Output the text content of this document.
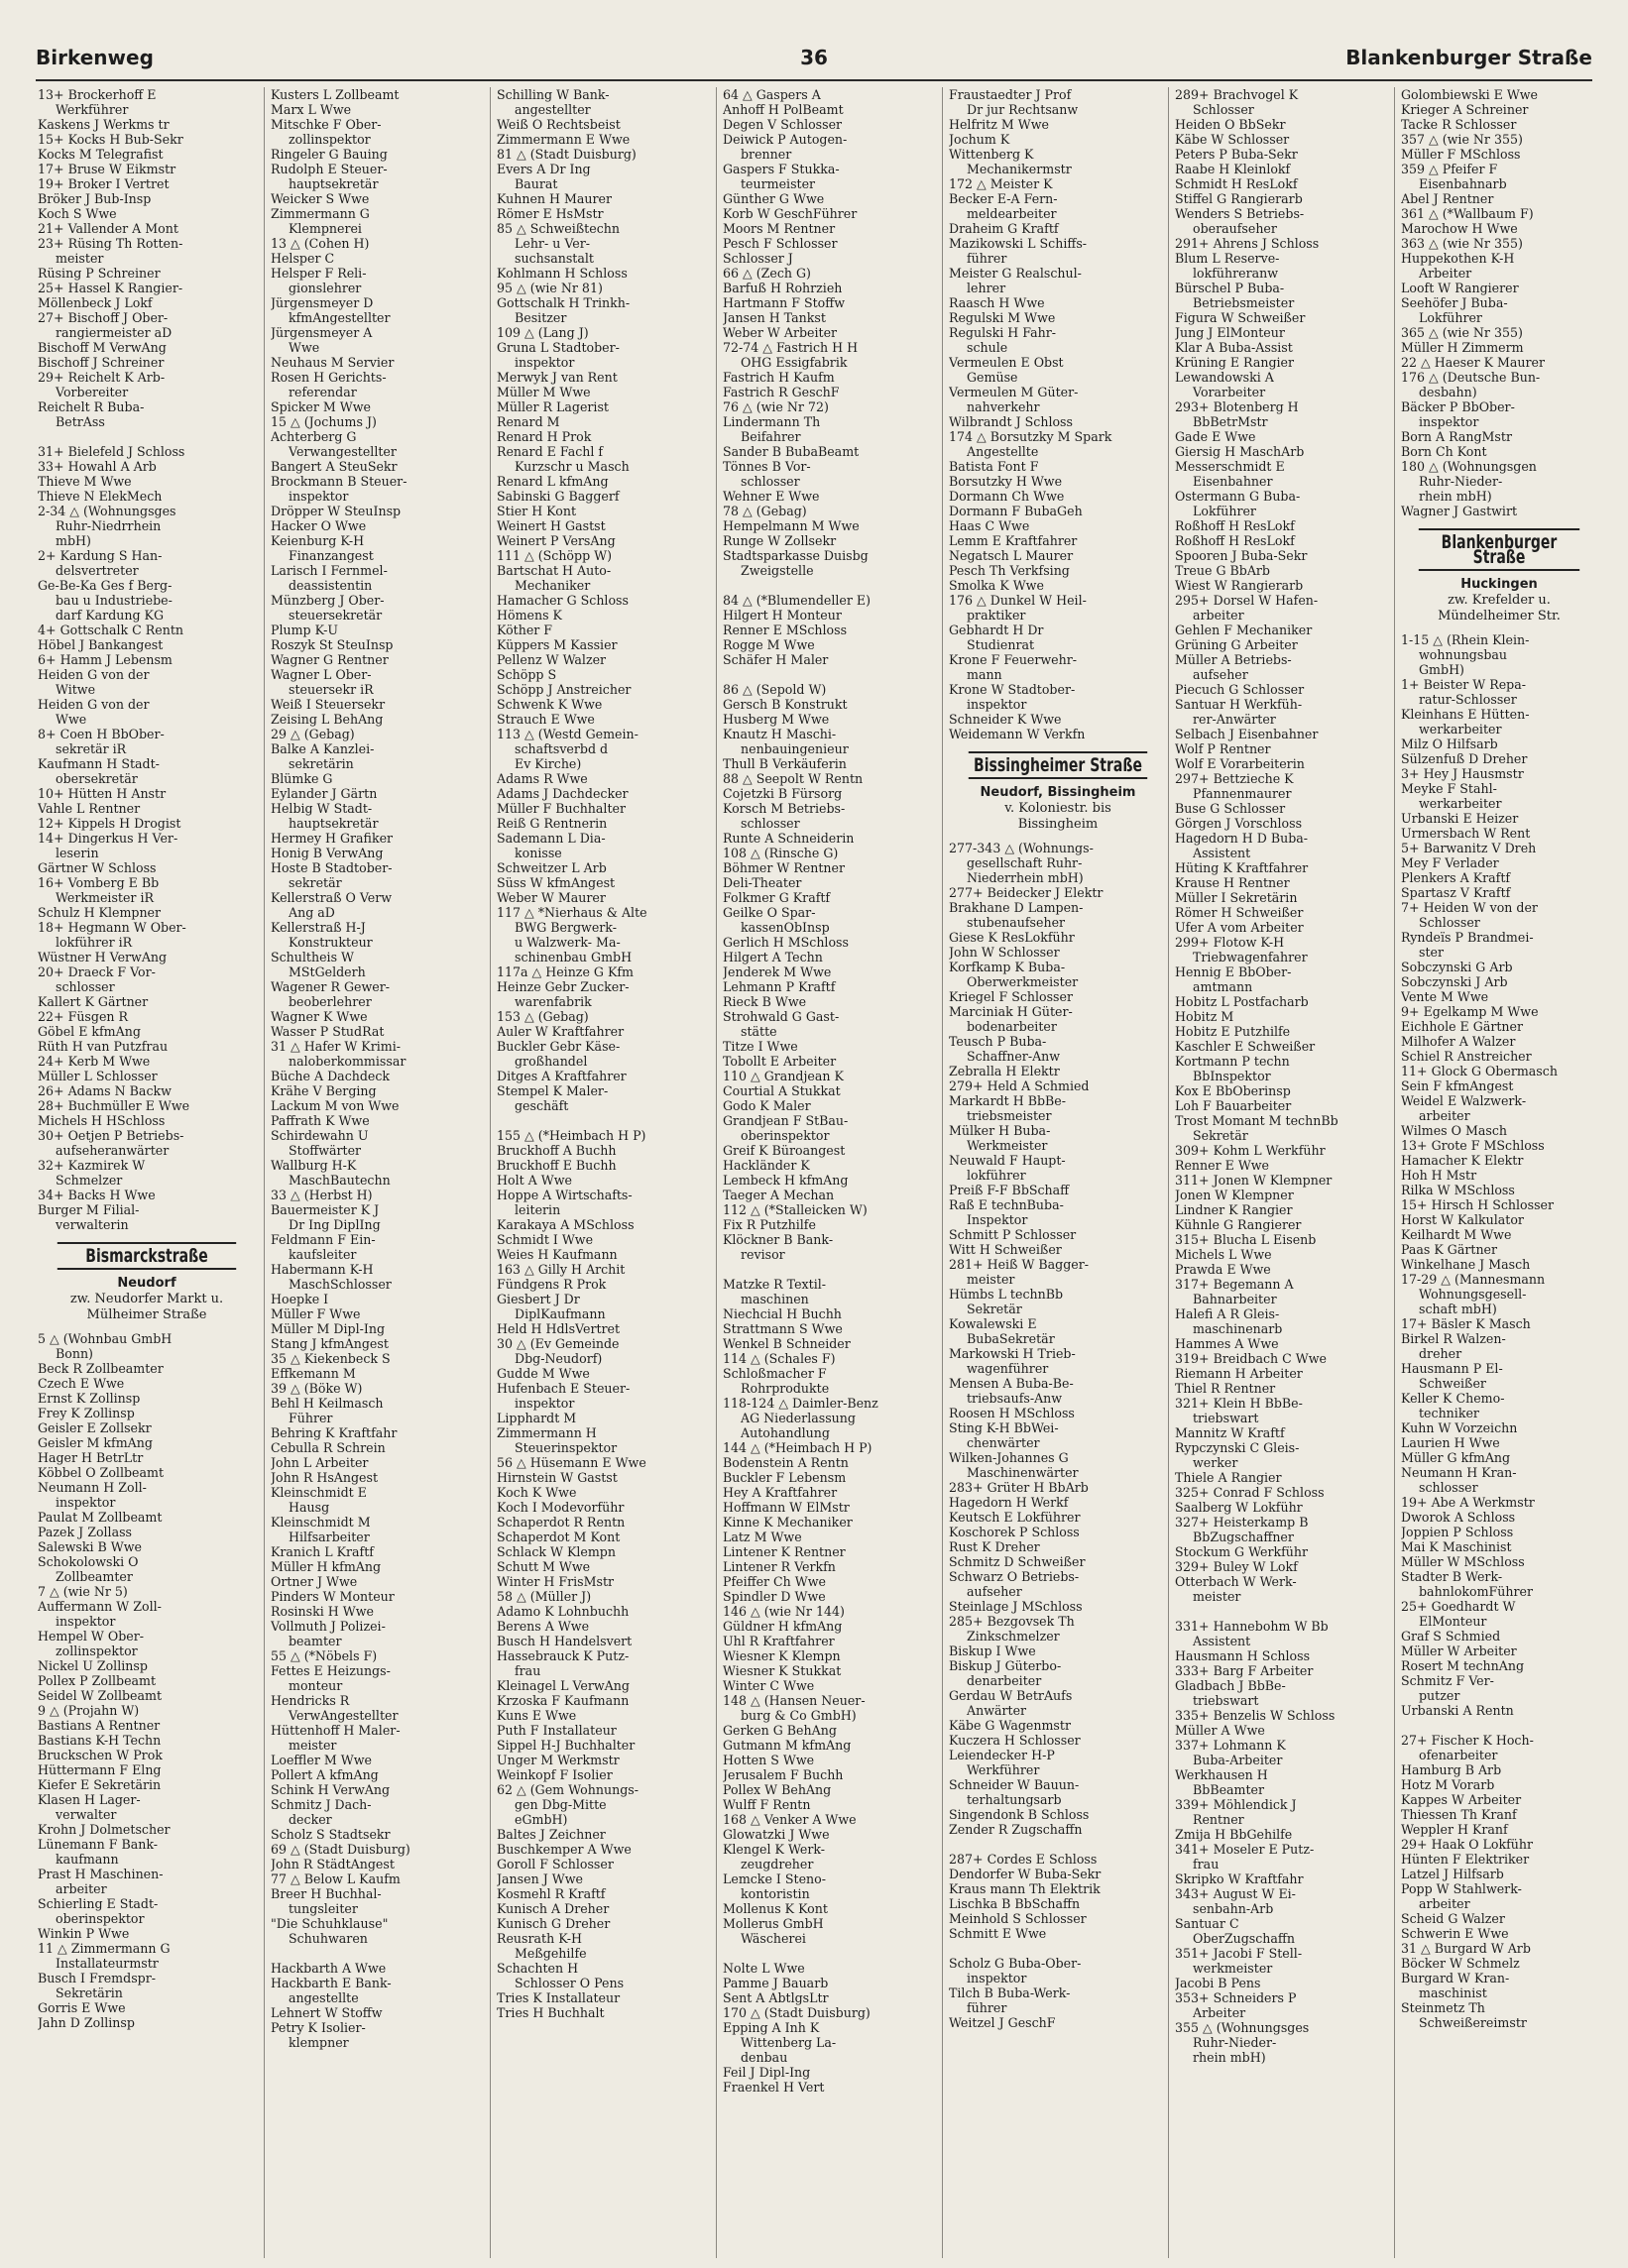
Birkenweg	36	Blankenburger Straße
13+ Brockerhoff E
Werkführer
Kaskens J Werkms tr
15+ Kocks H Bub-Sekr
Kocks M Telegrafist
17+ Bruse W Eikmstr
19+ Broker I Vertret
Bröker J Bub-Insp
Koch S Wwe
21+ Vallender A Mont
23+ Rüsing Th Rotten-
meister
Rüsing P Schreiner
25+ Hassel K Rangier-
Möllenbeck J Lokf
27+ Bischoff J Ober-
rangiermeister aD
Bischoff M VerwAng
Bischoff J Schreiner
29+ Reichelt K Arb-
Vorbereiter
Reichelt R Buba-
BetrAss

31+ Bielefeld J Schloss
33+ Howahl A Arb
Thieve M Wwe
Thieve N ElekMech
2-34 △ (Wohnungsges
Ruhr-Niedrrhein
mbH)
2+ Kardung S Han-
delsvertreter
Ge-Be-Ka Ges f Berg-
bau u Industriebe-
darf Kardung KG
4+ Gottschalk C Rentn
Höbel J Bankangest
6+ Hamm J Lebensm
Heiden G von der
Witwe
Heiden G von der
Wwe
8+ Coen H BbOber-
sekretär iR
Kaufmann H Stadt-
obersekretär
10+ Hütten H Anstr
Vahle L Rentner
12+ Kippels H Drogist
14+ Dingerkus H Ver-
leserin
Gärtner W Schloss
16+ Vomberg E Bb
Werkmeister iR
Schulz H Klempner
18+ Hegmann W Ober-
lokführer iR
Wüstner H VerwAng
20+ Draeck F Vor-
schlosser
Kallert K Gärtner
22+ Füsgen R
Göbel E kfmAng
Rüth H van Putzfrau
24+ Kerb M Wwe
Müller L Schlosser
26+ Adams N Backw
28+ Buchmüller E Wwe
Michels H HSchloss
30+ Oetjen P Betriebs-
aufseheranwärter
32+ Kazmirek W
Schmelzer
34+ Backs H Wwe
Burger M Filial-
verwalterin
Bismarckstraße
Neudorf
zw. Neudorfer Markt u.
Mülheimer Straße
5 △ (Wohnbau GmbH
Bonn)
Beck R Zollbeamter
Czech E Wwe
Ernst K Zollinsp
Frey K Zollinsp
Geisler E Zollsekr
Geisler M kfmAng
Hager H BetrLtr
Köbbel O Zollbeamt
Neumann H Zoll-
inspektor
Paulat M Zollbeamt
Pazek J Zollass
Salewski B Wwe
Schokolowski O
Zollbeamter
7 △ (wie Nr 5)
Auffermann W Zoll-
inspektor
Hempel W Ober-
zollinspektor
Nickel U Zollinsp
Pollex P Zollbeamt
Seidel W Zollbeamt
9 △ (Projahn W)
Bastians A Rentner
Bastians K-H Techn
Bruckschen W Prok
Hüttermann F Elng
Kiefer E Sekretärin
Klasen H Lager-
verwalter
Krohn J Dolmetscher
Lünemann F Bank-
kaufmann
Prast H Maschinen-
arbeiter
Schierling E Stadt-
oberinspektor
Winkin P Wwe
11 △ Zimmermann G
Installateurmstr
Busch I Fremdspr-
Sekretärin
Gorris E Wwe
Jahn D Zollinsp
Kusters L Zollbeamt
Marx L Wwe
Mitschke F Ober-
zollinspektor
Ringeler G Bauing
Rudolph E Steuer-
hauptsekretär
Weicker S Wwe
Zimmermann G
Klempnerei
13 △ (Cohen H)
Helsper C
Helsper F Reli-
gionslehrer
Jürgensmeyer D
kfmAngestellter
Jürgensmeyer A
Wwe
Neuhaus M Servier
Rosen H Gerichts-
referendar
Spicker M Wwe
15 △ (Jochums J)
Achterberg G
Verwangestellter
Bangert A SteuSekr
Brockmann B Steuer-
inspektor
Dröpper W SteuInsp
Hacker O Wwe
Keienburg K-H
Finanzangest
Larisch I Fernmel-
deassistentin
Münzberg J Ober-
steuersekretär
Plump K-U
Roszyk St SteuInsp
Wagner G Rentner
Wagner L Ober-
steuersekr iR
Weiß I Steuersekr
Zeising L BehAng
29 △ (Gebag)
Balke A Kanzlei-
sekretärin
Blümke G
Eylander J Gärtn
Helbig W Stadt-
hauptsekretär
Hermey H Grafiker
Honig B VerwAng
Hoste B Stadtober-
sekretär
Kellerstraß O Verw
Ang aD
Kellerstraß H-J
Konstrukteur
Schultheis W
MStGelderh
Wagener R Gewer-
beoberlehrer
Wagner K Wwe
Wasser P StudRat
31 △ Hafer W Krimi-
naloberkommissar
Büche A Dachdeck
Krähe V Berging
Lackum M von Wwe
Paffrath K Wwe
Schirdewahn U
Stoffwärter
Wallburg H-K
MaschBautechn
33 △ (Herbst H)
Bauermeister K J
Dr Ing DiplIng
Feldmann F Ein-
kaufsleiter
Habermann K-H
MaschSchlosser
Hoepke I
Müller F Wwe
Müller M Dipl-Ing
Stang J kfmAngest
35 △ Kiekenbeck S
Effkemann M
39 △ (Böke W)
Behl H Keilmasch
Führer
Behring K Kraftfahr
Cebulla R Schrein
John L Arbeiter
John R HsAngest
Kleinschmidt E
Hausg
Kleinschmidt M
Hilfsarbeiter
Kranich L Kraftf
Müller H kfmAng
Ortner J Wwe
Pinders W Monteur
Rosinski H Wwe
Vollmuth J Polizei-
beamter
55 △ (*Nöbels F)
Fettes E Heizungs-
monteur
Hendricks R
VerwAngestellter
Hüttenhoff H Maler-
meister
Loeffler M Wwe
Pollert A kfmAng
Schink H VerwAng
Schmitz J Dach-
decker
Scholz S Stadtsekr
69 △ (Stadt Duisburg)
John R StädtAngest
77 △ Below L Kaufm
Breer H Buchhal-
tungsleiter
"Die Schuhklause"
Schuhwaren

Hackbarth A Wwe
Hackbarth E Bank-
angestellte
Lehnert W Stoffw
Petry K Isolier-
klempner
Schilling W Bank-
angestellter
Weiß O Rechtsbeist
Zimmermann E Wwe
81 △ (Stadt Duisburg)
Evers A Dr Ing
Baurat
Kuhnen H Maurer
Römer E HsMstr
85 △ Schweißtechn
Lehr- u Ver-
suchsanstalt
Kohlmann H Schloss
95 △ (wie Nr 81)
Gottschalk H Trinkh-
Besitzer
109 △ (Lang J)
Gruna L Stadtober-
inspektor
Merwyk J van Rent
Müller M Wwe
Müller R Lagerist
Renard M
Renard H Prok
Renard E Fachl f
Kurzschr u Masch
Renard L kfmAng
Sabinski G Baggerf
Stier H Kont
Weinert H Gastst
Weinert P VersAng
111 △ (Schöpp W)
Bartschat H Auto-
Mechaniker
Hamacher G Schloss
Hömens K
Köther F
Küppers M Kassier
Pellenz W Walzer
Schöpp S
Schöpp J Anstreicher
Schwenk K Wwe
Strauch E Wwe
113 △ (Westd Gemein-
schaftsverbd d
Ev Kirche)
Adams R Wwe
Adams J Dachdecker
Müller F Buchhalter
Reiß G Rentnerin
Sademann L Dia-
konisse
Schweitzer L Arb
Süss W kfmAngest
Weber W Maurer
117 △ *Nierhaus & Alte
BWG Bergwerk-
u Walzwerk- Ma-
schinenbau GmbH
117a △ Heinze G Kfm
Heinze Gebr Zucker-
warenfabrik
153 △ (Gebag)
Auler W Kraftfahrer
Buckler Gebr Käse-
großhandel
Ditges A Kraftfahrer
Stempel K Maler-
geschäft

155 △ (*Heimbach H P)
Bruckhoff A Buchh
Bruckhoff E Buchh
Holt A Wwe
Hoppe A Wirtschafts-
leiterin
Karakaya A MSchloss
Schmidt I Wwe
Weies H Kaufmann
163 △ Gilly H Archit
Fündgens R Prok
Giesbert J Dr
DiplKaufmann
Held H HdlsVertret
30 △ (Ev Gemeinde
Dbg-Neudorf)
Gudde M Wwe
Hufenbach E Steuer-
inspektor
Lipphardt M
Zimmermann H
Steuerinspektor
56 △ Hüsemann E Wwe
Hirnstein W Gastst
Koch K Wwe
Koch I Modevorführ
Schaperdot R Rentn
Schaperdot M Kont
Schlack W Klempn
Schutt M Wwe
Winter H FrisMstr
58 △ (Müller J)
Adamo K Lohnbuchh
Berens A Wwe
Busch H Handelsvert
Hassebrauck K Putz-
frau
Kleinagel L VerwAng
Krzoska F Kaufmann
Kuns E Wwe
Puth F Installateur
Sippel H-J Buchhalter
Unger M Werkmstr
Weinkopf F Isolier
62 △ (Gem Wohnungs-
gen Dbg-Mitte
eGmbH)
Baltes J Zeichner
Buschkemper A Wwe
Goroll F Schlosser
Jansen J Wwe
Kosmehl R Kraftf
Kunisch A Dreher
Kunisch G Dreher
Reusrath K-H
Meßgehilfe
Schachten H
Schlosser O Pens
Tries K Installateur
Tries H Buchhalt
64 △ Gaspers A
Anhoff H PolBeamt
Degen V Schlosser
Deiwick P Autogen-
brenner
Gaspers F Stukka-
teurmeister
Günther G Wwe
Korb W GeschFührer
Moors M Rentner
Pesch F Schlosser
Schlosser J
66 △ (Zech G)
Barfuß H Rohrzieh
Hartmann F Stoffw
Jansen H Tankst
Weber W Arbeiter
72-74 △ Fastrich H H
OHG Essigfabrik
Fastrich H Kaufm
Fastrich R GeschF
76 △ (wie Nr 72)
Lindermann Th
Beifahrer
Sander B BubaBeamt
Tönnes B Vor-
schlosser
Wehner E Wwe
78 △ (Gebag)
Hempelmann M Wwe
Runge W Zollsekr
Stadtsparkasse Duisbg
Zweigstelle

84 △ (*Blumendeller E)
Hilgert H Monteur
Renner E MSchloss
Rogge M Wwe
Schäfer H Maler

86 △ (Sepold W)
Gersch B Konstrukt
Husberg M Wwe
Knautz H Maschi-
nenbauingenieur
Thull B Verkäuferin
88 △ Seepolt W Rentn
Cojetzki B Fürsorg
Korsch M Betriebs-
schlosser
Runte A Schneiderin
108 △ (Rinsche G)
Böhmer W Rentner
Deli-Theater
Folkmer G Kraftf
Geilke O Spar-
kassenObInsp
Gerlich H MSchloss
Hilgert A Techn
Jenderek M Wwe
Lehmann P Kraftf
Rieck B Wwe
Strohwald G Gast-
stätte
Titze I Wwe
Tobollt E Arbeiter
110 △ Grandjean K
Courtial A Stukkat
Godo K Maler
Grandjean F StBau-
oberinspektor
Greif K Büroangest
Hackländer K
Lembeck H kfmAng
Taeger A Mechan
112 △ (*Stalleicken W)
Fix R Putzhilfe
Klöckner B Bank-
revisor

Matzke R Textil-
maschinen
Niechcial H Buchh
Strattmann S Wwe
Wenkel B Schneider
114 △ (Schales F)
Schloßmacher F
Rohrprodukte
118-124 △ Daimler-Benz
AG Niederlassung
Autohandlung
144 △ (*Heimbach H P)
Bodenstein A Rentn
Buckler F Lebensm
Hey A Kraftfahrer
Hoffmann W ElMstr
Kinne K Mechaniker
Latz M Wwe
Lintener K Rentner
Lintener R Verkfn
Pfeiffer Ch Wwe
Spindler D Wwe
146 △ (wie Nr 144)
Güldner H kfmAng
Uhl R Kraftfahrer
Wiesner K Klempn
Wiesner K Stukkat
Winter C Wwe
148 △ (Hansen Neuer-
burg & Co GmbH)
Gerken G BehAng
Gutmann M kfmAng
Hotten S Wwe
Jerusalem F Buchh
Pollex W BehAng
Wulff F Rentn
168 △ Venker A Wwe
Glowatzki J Wwe
Klengel K Werk-
zeugdreher
Lemcke I Steno-
kontoristin
Mollenus K Kont
Mollerus GmbH
Wäscherei

Nolte L Wwe
Pamme J Bauarb
Sent A AbtlgsLtr
170 △ (Stadt Duisburg)
Epping A Inh K
Wittenberg La-
denbau
Feil J Dipl-Ing
Fraenkel H Vert
Fraustaedter J Prof
Dr jur Rechtsanw
Helfritz M Wwe
Jochum K
Wittenberg K
Mechanikermstr
172 △ Meister K
Becker E-A Fern-
meldearbeiter
Draheim G Kraftf
Mazikowski L Schiffs-
führer
Meister G Realschul-
lehrer
Raasch H Wwe
Regulski M Wwe
Regulski H Fahr-
schule
Vermeulen E Obst
Gemüse
Vermeulen M Güter-
nahverkehr
Wilbrandt J Schloss
174 △ Borsutzky M Spark
Angestellte
Batista Font F
Borsutzky H Wwe
Dormann Ch Wwe
Dormann F BubaGeh
Haas C Wwe
Lemm E Kraftfahrer
Negatsch L Maurer
Pesch Th Verkfsing
Smolka K Wwe
176 △ Dunkel W Heil-
praktiker
Gebhardt H Dr
Studienrat
Krone F Feuerwehr-
mann
Krone W Stadtober-
inspektor
Schneider K Wwe
Weidemann W Verkfn
Bissingheimer Straße
Neudorf, Bissingheim
v. Koloniestr. bis
Bissingheim
277-343 △ (Wohnungs-
gesellschaft Ruhr-
Niederrhein mbH)
277+ Beidecker J Elektr
Brakhane D Lampen-
stubenaufseher
Giese K ResLokführ
John W Schlosser
Korfkamp K Buba-
Oberwerkmeister
Kriegel F Schlosser
Marciniak H Güter-
bodenarbeiter
Teusch P Buba-
Schaffner-Anw
Zebralla H Elektr
279+ Held A Schmied
Markardt H BbBe-
triebsmeister
Mülker H Buba-
Werkmeister
Neuwald F Haupt-
lokführer
Preiß F-F BbSchaff
Raß E technBuba-
Inspektor
Schmitt P Schlosser
Witt H Schweißer
281+ Heiß W Bagger-
meister
Hümbs L technBb
Sekretär
Kowalewski E
BubaSekretär
Markowski H Trieb-
wagenführer
Mensen A Buba-Be-
triebsaufs-Anw
Roosen H MSchloss
Sting K-H BbWei-
chenwärter
Wilken-Johannes G
Maschinenwärter
283+ Grüter H BbArb
Hagedorn H Werkf
Keutsch E Lokführer
Koschorek P Schloss
Rust K Dreher
Schmitz D Schweißer
Schwarz O Betriebs-
aufseher
Steinlage J MSchloss
285+ Bezgovsek Th
Zinkschmelzer
Biskup I Wwe
Biskup J Güterbo-
denarbeiter
Gerdau W BetrAufs
Anwärter
Käbe G Wagenmstr
Kuczera H Schlosser
Leiendecker H-P
Werkführer
Schneider W Bauun-
terhaltungsarb
Singendonk B Schloss
Zender R Zugschaffn

287+ Cordes E Schloss
Dendorfer W Buba-Sekr
Kraus mann Th Elektrik
Lischka B BbSchaffn
Meinhold S Schlosser
Schmitt E Wwe

Scholz G Buba-Ober-
inspektor
Tilch B Buba-Werk-
führer
Weitzel J GeschF
289+ Brachvogel K
Schlosser
Heiden O BbSekr
Käbe W Schlosser
Peters P Buba-Sekr
Raabe H Kleinlokf
Schmidt H ResLokf
Stiffel G Rangierarb
Wenders S Betriebs-
oberaufseher
291+ Ahrens J Schloss
Blum L Reserve-
lokführeranw
Bürschel P Buba-
Betriebsmeister
Figura W Schweißer
Jung J ElMonteur
Klar A Buba-Assist
Krüning E Rangier
Lewandowski A
Vorarbeiter
293+ Blotenberg H
BbBetrMstr
Gade E Wwe
Giersig H MaschArb
Messerschmidt E
Eisenbahner
Ostermann G Buba-
Lokführer
Roßhoff H ResLokf
Roßhoff H ResLokf
Spooren J Buba-Sekr
Treue G BbArb
Wiest W Rangierarb
295+ Dorsel W Hafen-
arbeiter
Gehlen F Mechaniker
Grüning G Arbeiter
Müller A Betriebs-
aufseher
Piecuch G Schlosser
Santuar H Werkfüh-
rer-Anwärter
Selbach J Eisenbahner
Wolf P Rentner
Wolf E Vorarbeiterin
297+ Bettzieche K
Pfannenmaurer
Buse G Schlosser
Görgen J Vorschloss
Hagedorn H D Buba-
Assistent
Hüting K Kraftfahrer
Krause H Rentner
Müller I Sekretärin
Römer H Schweißer
Ufer A vom Arbeiter
299+ Flotow K-H
Triebwagenfahrer
Hennig E BbOber-
amtmann
Hobitz L Postfacharb
Hobitz M
Hobitz E Putzhilfe
Kaschler E Schweißer
Kortmann P techn
BbInspektor
Kox E BbOberinsp
Loh F Bauarbeiter
Trost Momant M technBb
Sekretär
309+ Kohm L Werkführ
Renner E Wwe
311+ Jonen W Klempner
Jonen W Klempner
Lindner K Rangier
Kühnle G Rangierer
315+ Blucha L Eisenb
Michels L Wwe
Prawda E Wwe
317+ Begemann A
Bahnarbeiter
Halefi A R Gleis-
maschinenarb
Hammes A Wwe
319+ Breidbach C Wwe
Riemann H Arbeiter
Thiel R Rentner
321+ Klein H BbBe-
triebswart
Mannitz W Kraftf
Rypczynski C Gleis-
werker
Thiele A Rangier
325+ Conrad F Schloss
Saalberg W Lokführ
327+ Heisterkamp B
BbZugschaffner
Stockum G Werkführ
329+ Buley W Lokf
Otterbach W Werk-
meister

331+ Hannebohm W Bb
Assistent
Hausmann H Schloss
333+ Barg F Arbeiter
Gladbach J BbBe-
triebswart
335+ Benzelis W Schloss
Müller A Wwe
337+ Lohmann K
Buba-Arbeiter
Werkhausen H
BbBeamter
339+ Möhlendick J
Rentner
Zmija H BbGehilfe
341+ Moseler E Putz-
frau
Skripko W Kraftfahr
343+ August W Ei-
senbahn-Arb
Santuar C
OberZugschaffn
351+ Jacobi F Stell-
werkmeister
Jacobi B Pens
353+ Schneiders P
Arbeiter
355 △ (Wohnungsges
Ruhr-Nieder-
rhein mbH)
Golombiewski E Wwe
Krieger A Schreiner
Tacke R Schlosser
357 △ (wie Nr 355)
Müller F MSchloss
359 △ Pfeifer F
Eisenbahnarb
Abel J Rentner
361 △ (*Wallbaum F)
Marochow H Wwe
363 △ (wie Nr 355)
Huppekothen K-H
Arbeiter
Looft W Rangierer
Seehöfer J Buba-
Lokführer
365 △ (wie Nr 355)
Müller H Zimmerm
22 △ Haeser K Maurer
176 △ (Deutsche Bun-
desbahn)
Bäcker P BbOber-
inspektor
Born A RangMstr
Born Ch Kont
180 △ (Wohnungsgen
Ruhr-Nieder-
rhein mbH)
Wagner J Gastwirt
Blankenburger Straße
Huckingen
zw. Krefelder u.
Mündelheimer Str.
1-15 △ (Rhein Klein-
wohnungsbau
GmbH)
1+ Beister W Repa-
ratur-Schlosser
Kleinhans E Hütten-
werkarbeiter
Milz O Hilfsarb
Sülzenfuß D Dreher
3+ Hey J Hausmstr
Meyke F Stahl-
werkarbeiter
Urbanski E Heizer
Urmersbach W Rent
5+ Barwanitz V Dreh
Mey F Verlader
Plenkers A Kraftf
Spartasz V Kraftf
7+ Heiden W von der
Schlosser
Ryndeïs P Brandmei-
ster
Sobczynski G Arb
Sobczynski J Arb
Vente M Wwe
9+ Egelkamp M Wwe
Eichhole E Gärtner
Milhofer A Walzer
Schiel R Anstreicher
11+ Glock G Obermasch
Sein F kfmAngest
Weidel E Walzwerk-
arbeiter
Wilmes O Masch
13+ Grote F MSchloss
Hamacher K Elektr
Hoh H Mstr
Rilka W MSchloss
15+ Hirsch H Schlosser
Horst W Kalkulator
Keilhardt M Wwe
Paas K Gärtner
Winkelhane J Masch
17-29 △ (Mannesmann
Wohnungsgesell-
schaft mbH)
17+ Bäsler K Masch
Birkel R Walzen-
dreher
Hausmann P El-
Schweißer
Keller K Chemo-
techniker
Kuhn W Vorzeichn
Laurien H Wwe
Müller G kfmAng
Neumann H Kran-
schlosser
19+ Abe A Werkmstr
Dworok A Schloss
Joppien P Schloss
Mai K Maschinist
Müller W MSchloss
Stadter B Werk-
bahnlokomFührer
25+ Goedhardt W
ElMonteur
Graf S Schmied
Müller W Arbeiter
Rosert M technAng
Schmitz F Ver-
putzer
Urbanski A Rentn

27+ Fischer K Hoch-
ofenarbeiter
Hamburg B Arb
Hotz M Vorarb
Kappes W Arbeiter
Thiessen Th Kranf
Weppler H Kranf
29+ Haak O Lokführ
Hünten F Elektriker
Latzel J Hilfsarb
Popp W Stahlwerk-
arbeiter
Scheid G Walzer
Schwerin E Wwe
31 △ Burgard W Arb
Böcker W Schmelz
Burgard W Kran-
maschinist
Steinmetz Th
Schweißereimstr
